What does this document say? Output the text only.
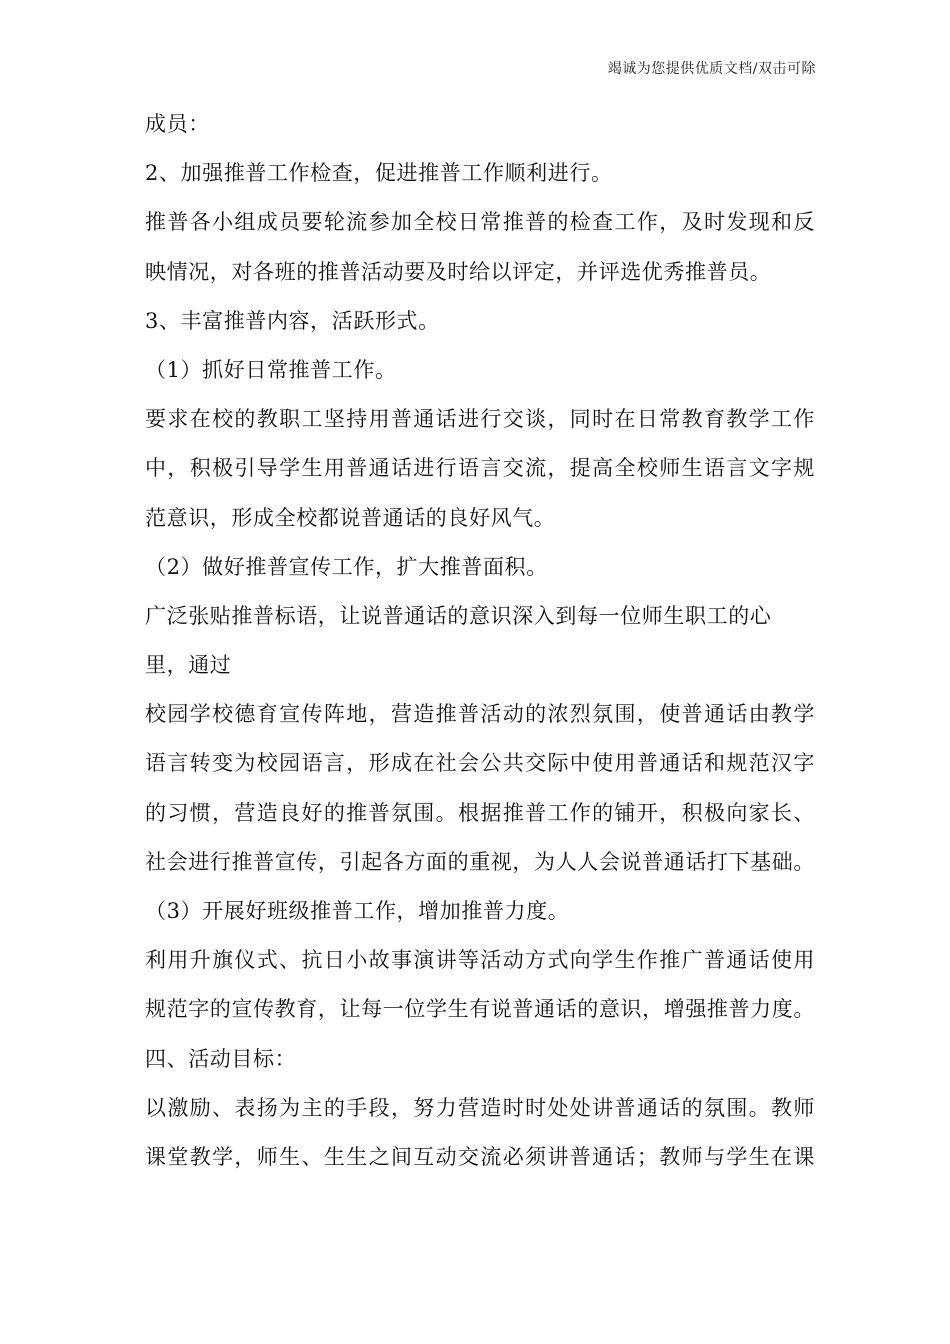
竭诚为您提供优质文档/双击可除
成员：
2、加强推普工作检查，促进推普工作顺利进行。
推普各小组成员要轮流参加全校日常推普的检查工作，及时发现和反
映情况，对各班的推普活动要及时给以评定，并评选优秀推普员。
3、丰富推普内容，活跃形式。
（1）抓好日常推普工作。
要求在校的教职工坚持用普通话进行交谈，同时在日常教育教学工作
中，积极引导学生用普通话进行语言交流，提高全校师生语言文字规
范意识，形成全校都说普通话的良好风气。
（2）做好推普宣传工作，扩大推普面积。
广泛张贴推普标语，让说普通话的意识深入到每一位师生职工的心
里，通过
校园学校德育宣传阵地，营造推普活动的浓烈氛围，使普通话由教学
语言转变为校园语言，形成在社会公共交际中使用普通话和规范汉字
的习惯，营造良好的推普氛围。根据推普工作的铺开，积极向家长、
社会进行推普宣传，引起各方面的重视，为人人会说普通话打下基础。
（3）开展好班级推普工作，增加推普力度。
利用升旗仪式、抗日小故事演讲等活动方式向学生作推广普通话使用
规范字的宣传教育，让每一位学生有说普通话的意识，增强推普力度。
四、活动目标：
以激励、表扬为主的手段，努力营造时时处处讲普通话的氛围。教师
课堂教学，师生、生生之间互动交流必须讲普通话；教师与学生在课
